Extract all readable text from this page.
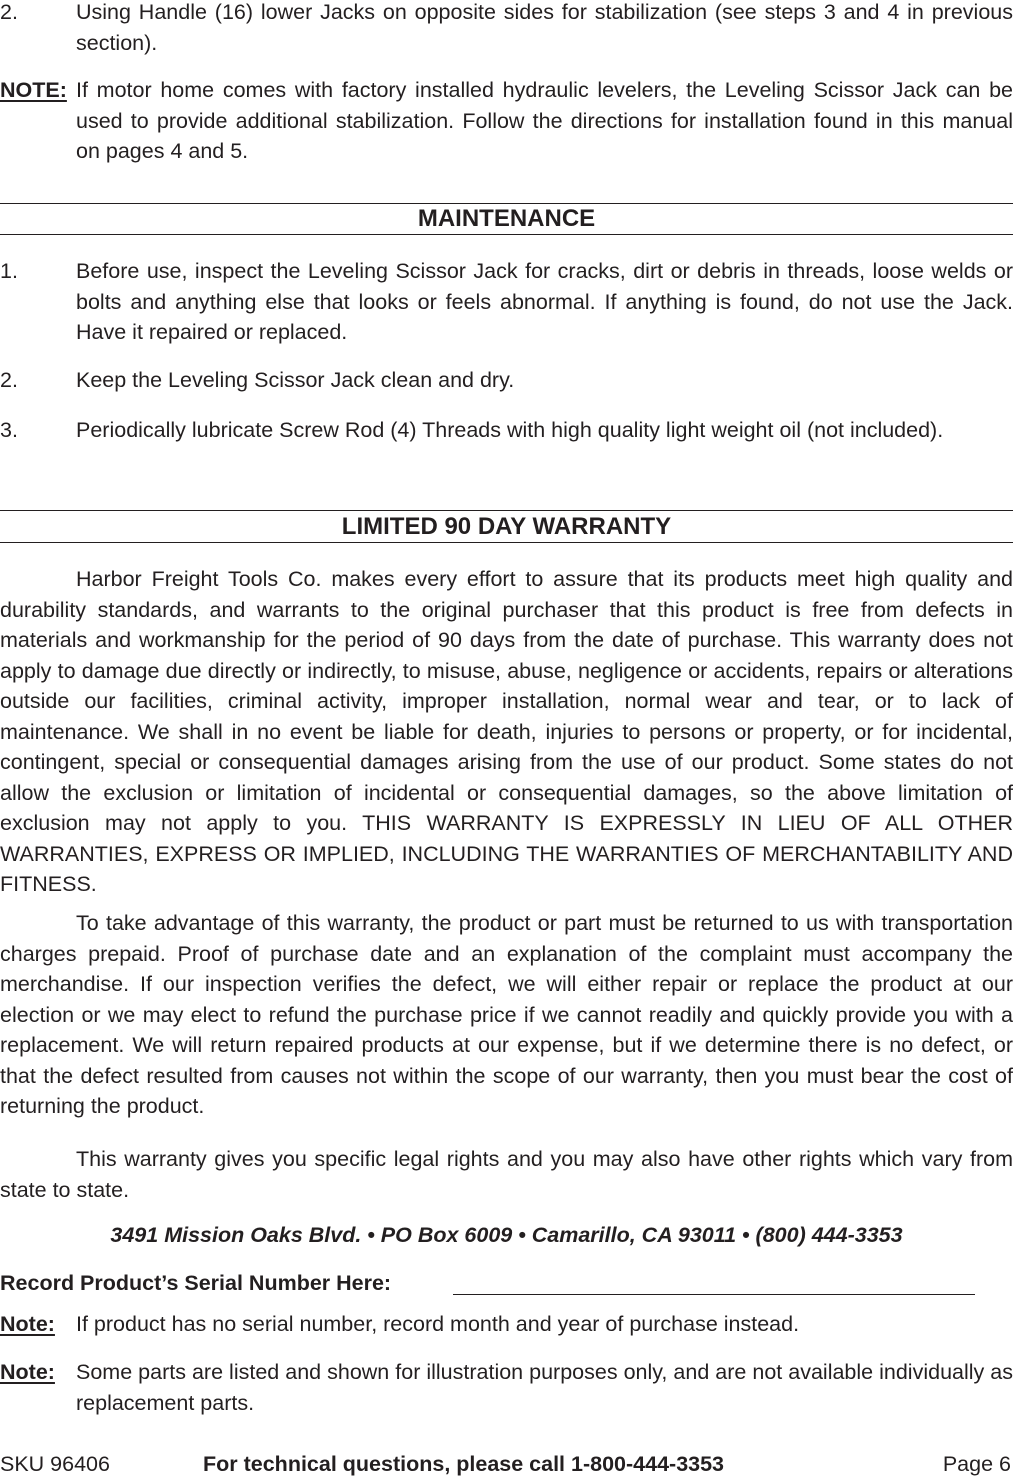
2.	Using Handle (16) lower Jacks on opposite sides for stabilization (see steps 3 and 4 in previous section).
NOTE: If motor home comes with factory installed hydraulic levelers, the Leveling Scissor Jack can be used to provide additional stabilization. Follow the directions for installation found in this manual on pages 4 and 5.
MAINTENANCE
1.	Before use, inspect the Leveling Scissor Jack for cracks, dirt or debris in threads, loose welds or bolts and anything else that looks or feels abnormal. If anything is found, do not use the Jack. Have it repaired or replaced.
2.	Keep the Leveling Scissor Jack clean and dry.
3.	Periodically lubricate Screw Rod (4) Threads with high quality light weight oil (not included).
LIMITED 90 DAY WARRANTY
Harbor Freight Tools Co. makes every effort to assure that its products meet high quality and durability standards, and warrants to the original purchaser that this product is free from defects in materials and workmanship for the period of 90 days from the date of purchase. This warranty does not apply to damage due directly or indirectly, to misuse, abuse, negligence or accidents, repairs or alterations outside our facilities, criminal activity, improper installation, normal wear and tear, or to lack of maintenance. We shall in no event be liable for death, injuries to persons or property, or for incidental, contingent, special or consequential damages arising from the use of our product. Some states do not allow the exclusion or limitation of incidental or consequential damages, so the above limitation of exclusion may not apply to you. THIS WARRANTY IS EXPRESSLY IN LIEU OF ALL OTHER WARRANTIES, EXPRESS OR IMPLIED, INCLUDING THE WARRANTIES OF MERCHANTABILITY AND FITNESS.
To take advantage of this warranty, the product or part must be returned to us with transportation charges prepaid. Proof of purchase date and an explanation of the complaint must accompany the merchandise. If our inspection verifies the defect, we will either repair or replace the product at our election or we may elect to refund the purchase price if we cannot readily and quickly provide you with a replacement. We will return repaired products at our expense, but if we determine there is no defect, or that the defect resulted from causes not within the scope of our warranty, then you must bear the cost of returning the product.
This warranty gives you specific legal rights and you may also have other rights which vary from state to state.
3491 Mission Oaks Blvd. • PO Box 6009 • Camarillo, CA 93011 • (800) 444-3353
Record Product’s Serial Number Here:
Note: If product has no serial number, record month and year of purchase instead.
Note: Some parts are listed and shown for illustration purposes only, and are not available individually as replacement parts.
SKU 96406	For technical questions, please call 1-800-444-3353	Page 6
